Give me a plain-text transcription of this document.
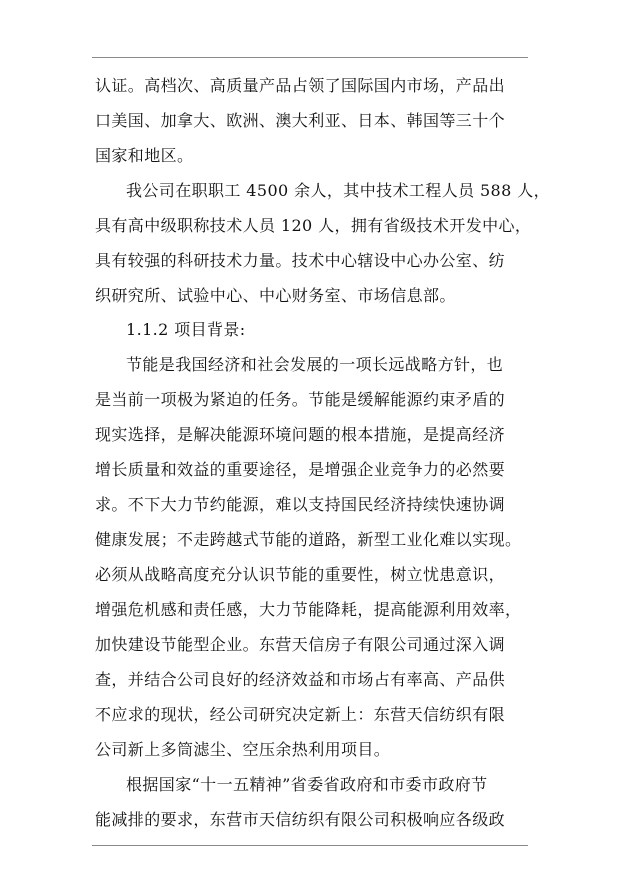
认证。高档次、高质量产品占领了国际国内市场，产品出
口美国、加拿大、欧洲、澳大利亚、日本、韩国等三十个
国家和地区。
我公司在职职工 4500 余人，其中技术工程人员 588 人，
具有高中级职称技术人员 120 人，拥有省级技术开发中心，
具有较强的科研技术力量。技术中心辖设中心办公室、纺
织研究所、试验中心、中心财务室、市场信息部。
1.1.2 项目背景:
节能是我国经济和社会发展的一项长远战略方针，也
是当前一项极为紧迫的任务。节能是缓解能源约束矛盾的
现实选择，是解决能源环境问题的根本措施，是提高经济
增长质量和效益的重要途径，是增强企业竞争力的必然要
求。不下大力节约能源，难以支持国民经济持续快速协调
健康发展；不走跨越式节能的道路，新型工业化难以实现。
必须从战略高度充分认识节能的重要性，树立忧患意识，
增强危机感和责任感，大力节能降耗，提高能源利用效率，
加快建设节能型企业。东营天信房子有限公司通过深入调
查，并结合公司良好的经济效益和市场占有率高、产品供
不应求的现状，经公司研究决定新上：东营天信纺织有限
公司新上多筒滤尘、空压余热利用项目。
根据国家“十一五精神”省委省政府和市委市政府节
能减排的要求，东营市天信纺织有限公司积极响应各级政
